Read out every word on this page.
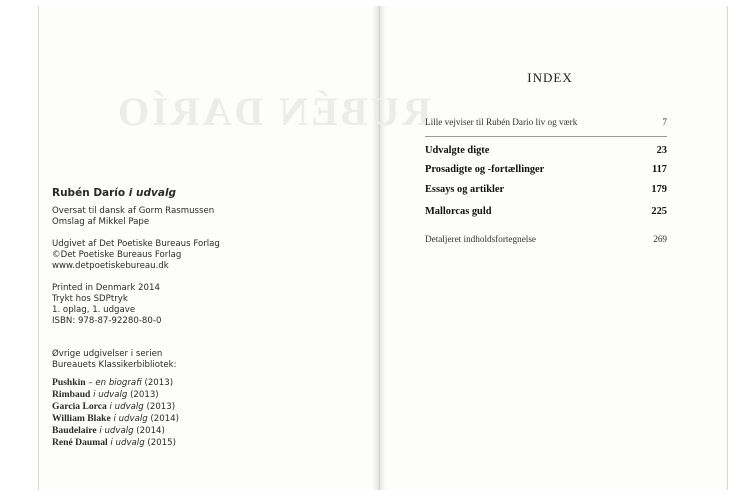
RUBÉN DARÍO
Rubén Darío i udvalg
Oversat til dansk af Gorm Rasmussen
Omslag af Mikkel Pape
Udgivet af Det Poetiske Bureaus Forlag
©Det Poetiske Bureaus Forlag
www.detpoetiskebureau.dk
Printed in Denmark 2014
Trykt hos SDPtryk
1. oplag, 1. udgave
ISBN: 978-87-92280-80-0
Øvrige udgivelser i serien
Bureauets Klassikerbibliotek:
Pushkin – en biografi (2013)
Rimbaud i udvalg (2013)
Garcia Lorca i udvalg (2013)
William Blake i udvalg (2014)
Baudelaire i udvalg (2014)
René Daumal i udvalg (2015)
INDEX
Lille vejviser til Rubén Darío liv og værk	7
Udvalgte digte	23
Prosadigte og -fortællinger	117
Essays og artikler	179
Mallorcas guld	225
Detaljeret indholdsfortegnelse	269
